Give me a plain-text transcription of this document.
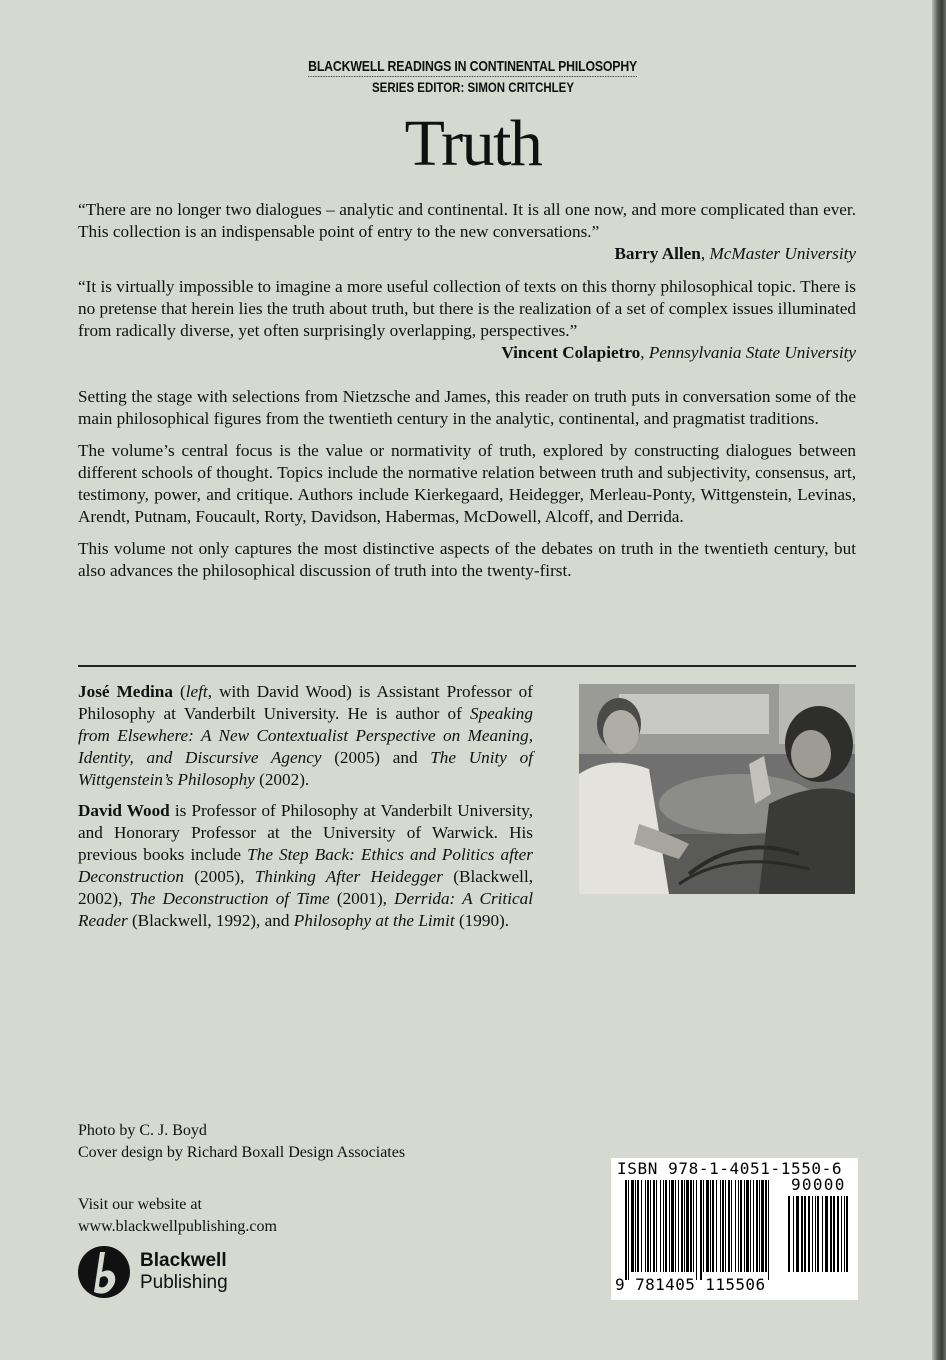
BLACKWELL READINGS IN CONTINENTAL PHILOSOPHY
SERIES EDITOR: SIMON CRITCHLEY
Truth

“There are no longer two dialogues – analytic and continental. It is all one now, and more complicated than ever. This collection is an indispensable point of entry to the new conversations.”

Barry Allen, McMaster University

“It is virtually impossible to imagine a more useful collection of texts on this thorny philosophical topic. There is no pretense that herein lies the truth about truth, but there is the realization of a set of complex issues illuminated from radically diverse, yet often surprisingly overlapping, perspectives.”

Vincent Colapietro, Pennsylvania State University

Setting the stage with selections from Nietzsche and James, this reader on truth puts in conversation some of the main philosophical figures from the twentieth century in the analytic, continental, and pragmatist traditions.

The volume’s central focus is the value or normativity of truth, explored by constructing dialogues between different schools of thought. Topics include the normative relation between truth and subjectivity, consensus, art, testimony, power, and critique. Authors include Kierkegaard, Heidegger, Merleau-Ponty, Wittgenstein, Levinas, Arendt, Putnam, Foucault, Rorty, Davidson, Habermas, McDowell, Alcoff, and Derrida.

This volume not only captures the most distinctive aspects of the debates on truth in the twentieth century, but also advances the philosophical discussion of truth into the twenty-first.

José Medina (left, with David Wood) is Assistant Professor of Philosophy at Vanderbilt University. He is author of Speaking from Elsewhere: A New Contextualist Perspective on Meaning, Identity, and Discursive Agency (2005) and The Unity of Wittgenstein’s Philosophy (2002).

David Wood is Professor of Philosophy at Vanderbilt University, and Honorary Professor at the University of Warwick. His previous books include The Step Back: Ethics and Politics after Deconstruction (2005), Thinking After Heidegger (Blackwell, 2002), The Deconstruction of Time (2001), Derrida: A Critical Reader (Blackwell, 1992), and Philosophy at the Limit (1990).

Photo by C. J. Boyd
Cover design by Richard Boxall Design Associates
Visit our website at
www.blackwellpublishing.com
Blackwell
Publishing
ISBN 978-1-4051-1550-6
90000
9 781405 115506
